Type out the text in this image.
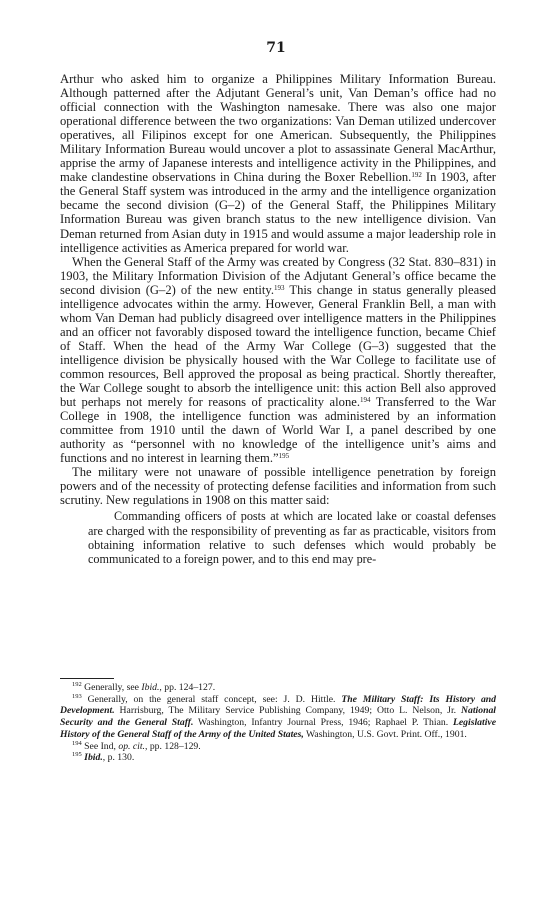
71

Arthur who asked him to organize a Philippines Military Information Bureau. Although patterned after the Adjutant General’s unit, Van Deman’s office had no official connection with the Washington namesake. There was also one major operational difference between the two organizations: Van Deman utilized undercover operatives, all Filipinos except for one American. Subsequently, the Philippines Military Information Bureau would uncover a plot to assassinate General MacArthur, apprise the army of Japanese interests and intelligence activity in the Philippines, and make clandestine observations in China during the Boxer Rebellion.$^{192}$ In 1903, after the General Staff system was introduced in the army and the intelligence organization became the second division (G–2) of the General Staff, the Philippines Military Information Bureau was given branch status to the new intelligence division. Van Deman returned from Asian duty in 1915 and would assume a major leadership role in intelligence activities as America prepared for world war.

When the General Staff of the Army was created by Congress (32 Stat. 830–831) in 1903, the Military Information Division of the Adjutant General’s office became the second division (G–2) of the new entity.$^{193}$ This change in status generally pleased intelligence advocates within the army. However, General Franklin Bell, a man with whom Van Deman had publicly disagreed over intelligence matters in the Philippines and an officer not favorably disposed toward the intelligence function, became Chief of Staff. When the head of the Army War College (G–3) suggested that the intelligence division be physically housed with the War College to facilitate use of common resources, Bell approved the proposal as being practical. Shortly thereafter, the War College sought to absorb the intelligence unit: this action Bell also approved but perhaps not merely for reasons of practicality alone.$^{194}$ Transferred to the War College in 1908, the intelligence function was administered by an information committee from 1910 until the dawn of World War I, a panel described by one authority as “personnel with no knowledge of the intelligence unit’s aims and functions and no interest in learning them.”$^{195}$

The military were not unaware of possible intelligence penetration by foreign powers and of the necessity of protecting defense facilities and information from such scrutiny. New regulations in 1908 on this matter said:

Commanding officers of posts at which are located lake or coastal defenses are charged with the responsibility of preventing as far as practicable, visitors from obtaining information relative to such defenses which would probably be communicated to a foreign power, and to this end may pre-

$^{192}$ Generally, see Ibid., pp. 124–127.

$^{193}$ Generally, on the general staff concept, see: J. D. Hittle. The Military Staff: Its History and Development. Harrisburg, The Military Service Publishing Company, 1949; Otto L. Nelson, Jr. National Security and the General Staff. Washington, Infantry Journal Press, 1946; Raphael P. Thian. Legislative History of the General Staff of the Army of the United States, Washington, U.S. Govt. Print. Off., 1901.

$^{194}$ See Ind, op. cit., pp. 128–129.

$^{195}$ Ibid., p. 130.
